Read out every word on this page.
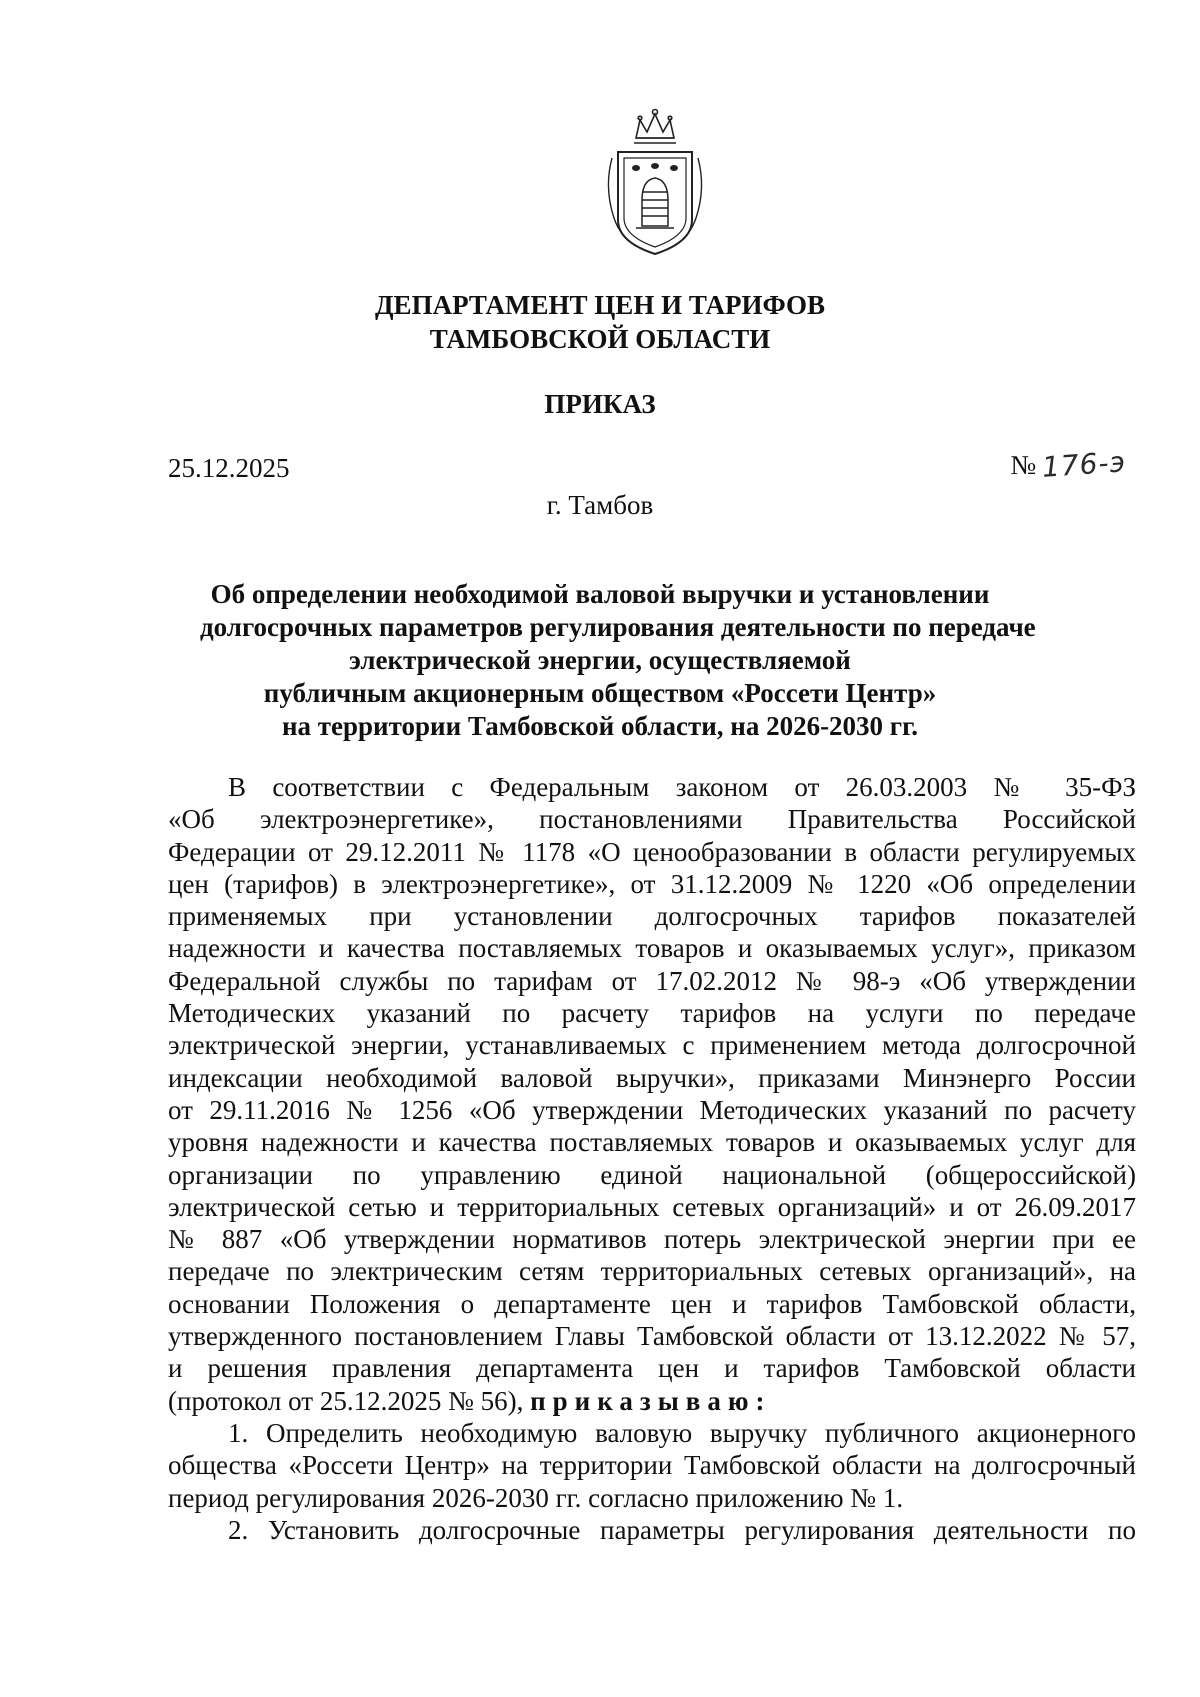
ДЕПАРТАМЕНТ ЦЕН И ТАРИФОВ
ТАМБОВСКОЙ ОБЛАСТИ
ПРИКАЗ
25.12.2025	№ 176-э
г. Тамбов
Об определении необходимой валовой выручки и установлении
долгосрочных параметров регулирования деятельности по передаче
электрической энергии, осуществляемой
публичным акционерным обществом «Россети Центр»
на территории Тамбовской области, на 2026-2030 гг.
В соответствии с Федеральным законом от 26.03.2003 № 35-ФЗ
«Об электроэнергетике», постановлениями Правительства Российской
Федерации от 29.12.2011 № 1178 «О ценообразовании в области регулируемых
цен (тарифов) в электроэнергетике», от 31.12.2009 № 1220 «Об определении
применяемых при установлении долгосрочных тарифов показателей
надежности и качества поставляемых товаров и оказываемых услуг», приказом
Федеральной службы по тарифам от 17.02.2012 № 98-э «Об утверждении
Методических указаний по расчету тарифов на услуги по передаче
электрической энергии, устанавливаемых с применением метода долгосрочной
индексации необходимой валовой выручки», приказами Минэнерго России
от 29.11.2016 № 1256 «Об утверждении Методических указаний по расчету
уровня надежности и качества поставляемых товаров и оказываемых услуг для
организации по управлению единой национальной (общероссийской)
электрической сетью и территориальных сетевых организаций» и от 26.09.2017
№ 887 «Об утверждении нормативов потерь электрической энергии при ее
передаче по электрическим сетям территориальных сетевых организаций», на
основании Положения о департаменте цен и тарифов Тамбовской области,
утвержденного постановлением Главы Тамбовской области от 13.12.2022 № 57,
и решения правления департамента цен и тарифов Тамбовской области
(протокол от 25.12.2025 № 56), приказываю:
1. Определить необходимую валовую выручку публичного акционерного
общества «Россети Центр» на территории Тамбовской области на долгосрочный
период регулирования 2026-2030 гг. согласно приложению № 1.
2. Установить долгосрочные параметры регулирования деятельности по
